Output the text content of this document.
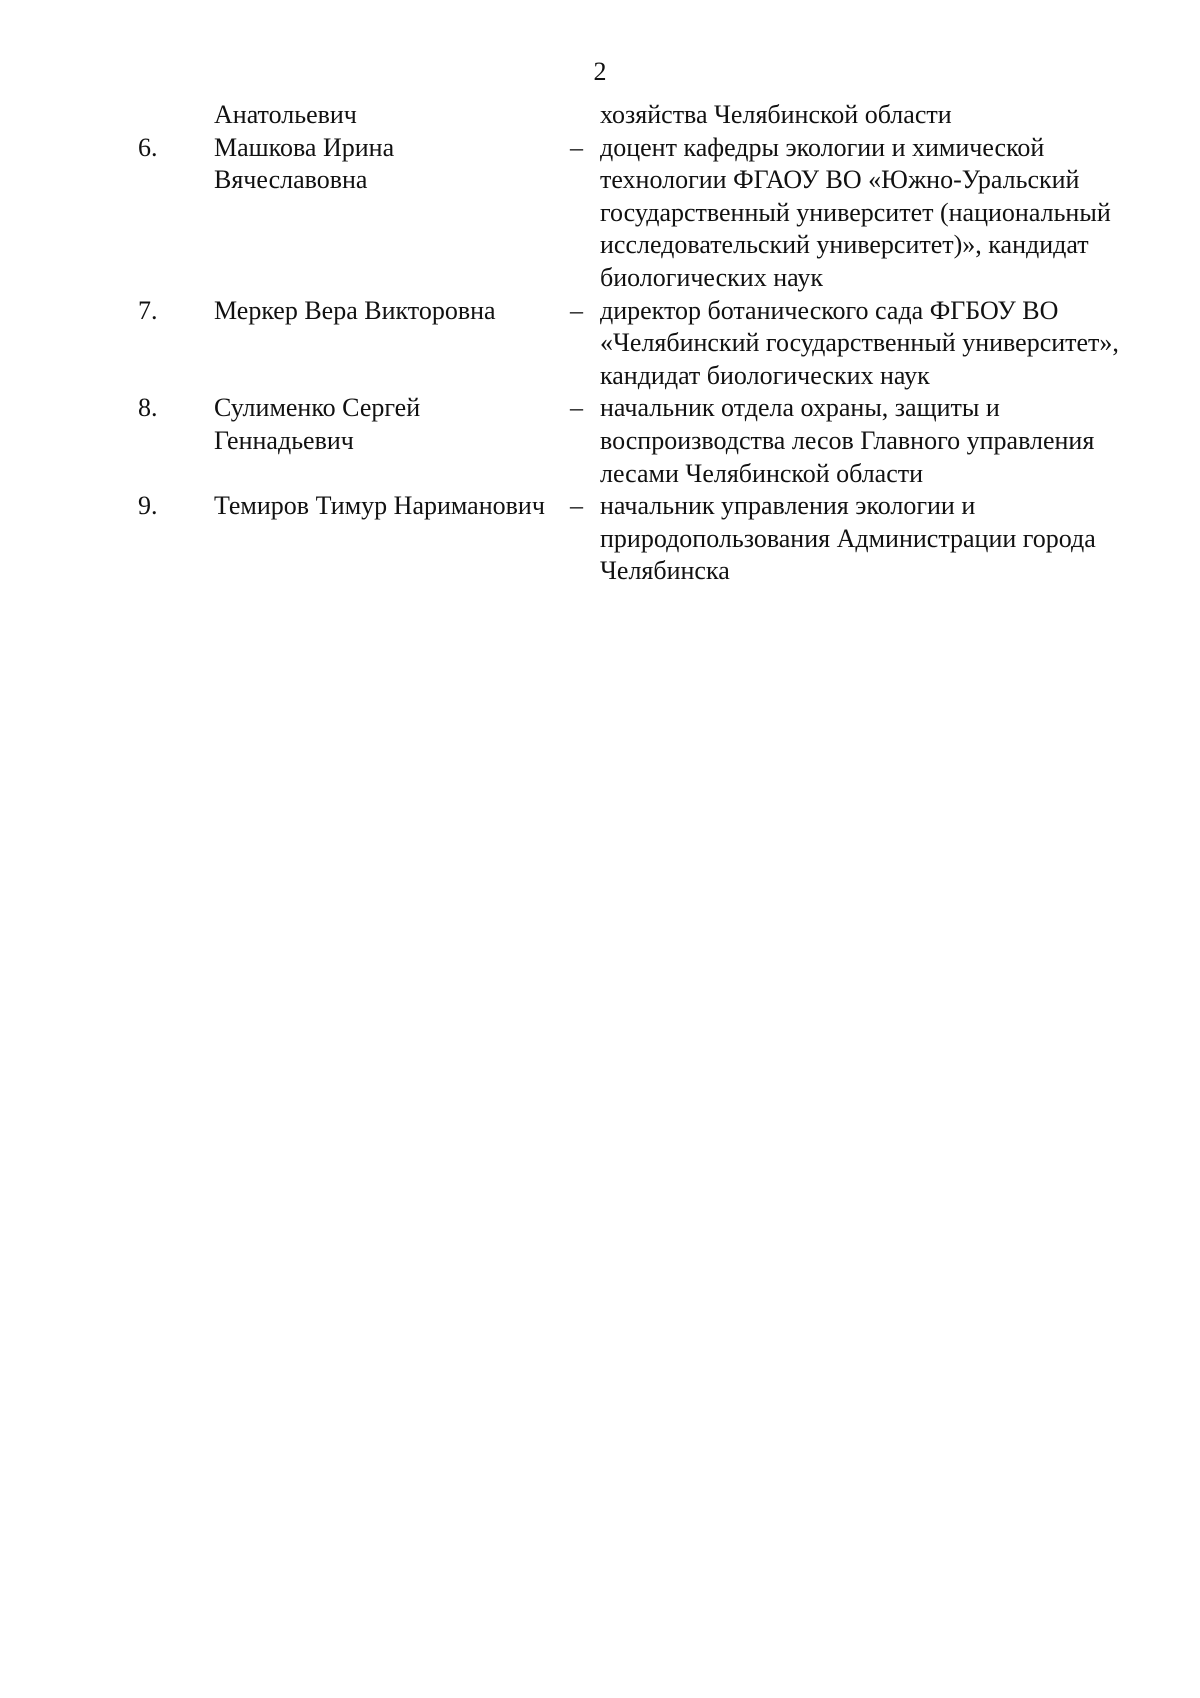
2
Анатольевич	хозяйства Челябинской области
6. Машкова Ирина Вячеславовна
– доцент кафедры экологии и химической технологии ФГАОУ ВО «Южно-Уральский государственный университет (национальный исследовательский университет)», кандидат биологических наук
7. Меркер Вера Викторовна	– директор ботанического сада ФГБОУ ВО «Челябинский государственный университет», кандидат биологических наук
8. Сулименко Сергей Геннадьевич
– начальник отдела охраны, защиты и воспроизводства лесов Главного управления лесами Челябинской области
9. Темиров Тимур Нариманович – начальник управления экологии и природопользования Администрации города Челябинска
